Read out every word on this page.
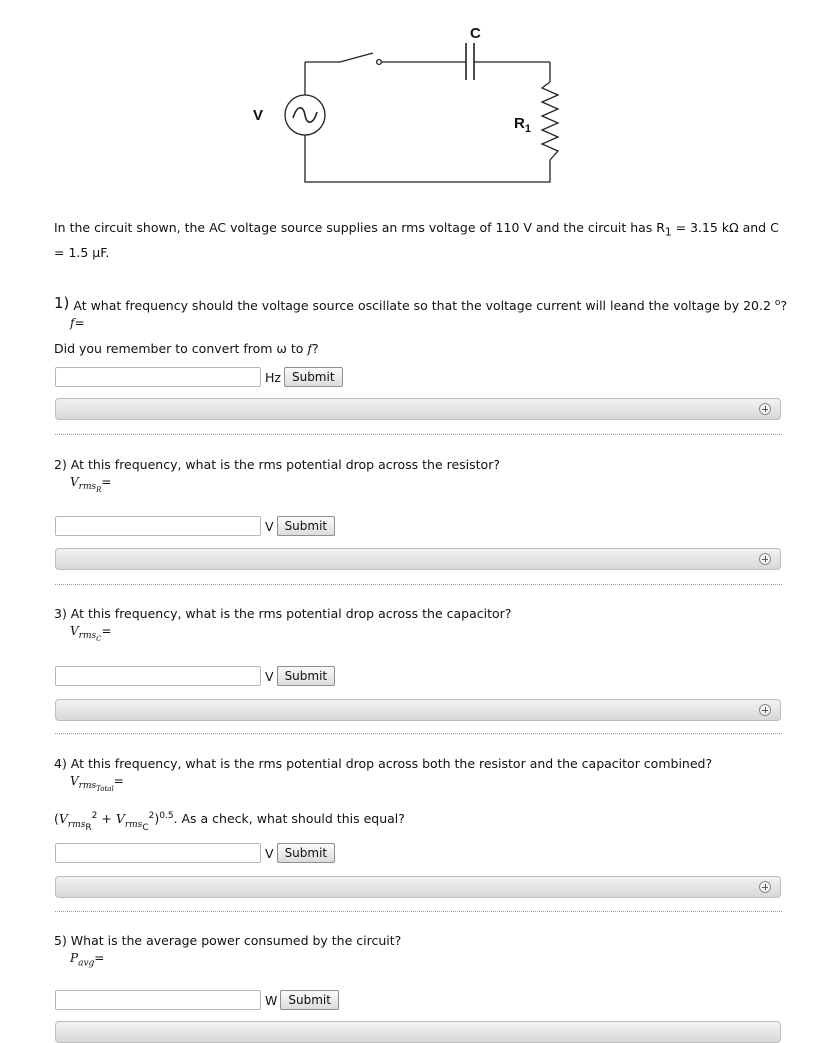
V
C
$R_1$
In the circuit shown, the AC voltage source supplies an rms voltage of 110 V and the circuit has $R_1 = 3.15$ kΩ and C = 1.5 μF.
1) At what frequency should the voltage source oscillate so that the voltage current will leand the voltage by 20.2 $^o$?
f=
Did you remember to convert from ω to f?
Hz Submit
2) At this frequency, what is the rms potential drop across the resistor?
$V_{rms_R}=$
V Submit
3) At this frequency, what is the rms potential drop across the capacitor?
$V_{rms_C}=$
V Submit
4) At this frequency, what is the rms potential drop across both the resistor and the capacitor combined?
$V_{rms_{Total}}=$
$(V_{rms_R}^2 + V_{rms_C}^2)^{0.5}$. As a check, what should this equal?
V Submit
5) What is the average power consumed by the circuit?
$P_{avg}=$
W Submit
